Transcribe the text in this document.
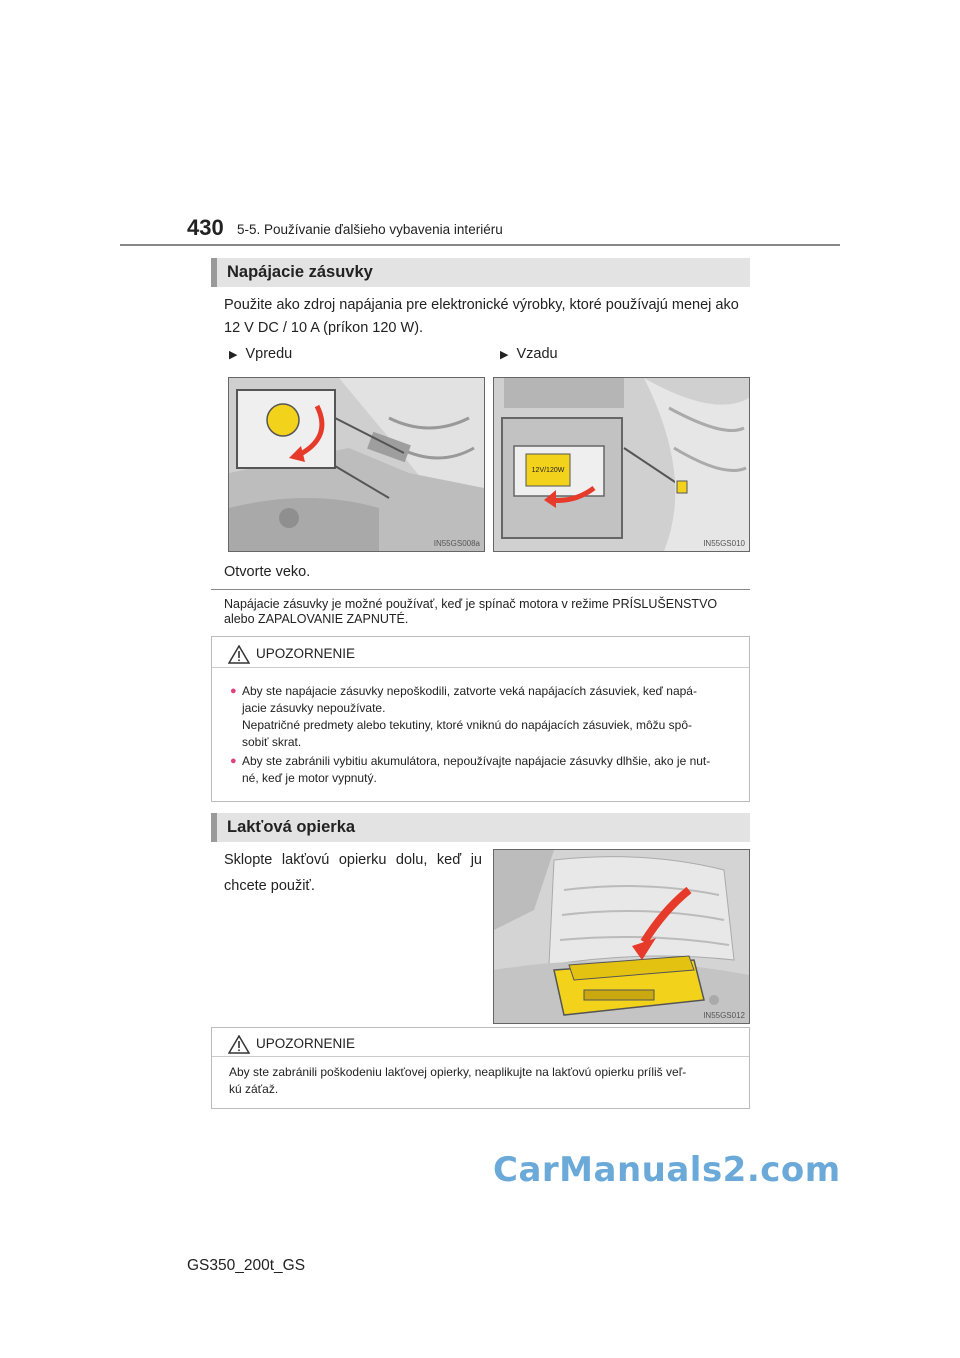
430 5-5. Používanie ďalšieho vybavenia interiéru
Napájacie zásuvky
Použite ako zdroj napájania pre elektronické výrobky, ktoré používajú menej ako
12 V DC / 10 A (príkon 120 W).
▶ Vpredu	▶ Vzadu
IN55GS008a
12V/120W
IN55GS010
Otvorte veko.
Napájacie zásuvky je možné používať, keď je spínač motora v režime PRÍSLUŠENSTVO
alebo ZAPALOVANIE ZAPNUTÉ.
UPOZORNENIE
● Aby ste napájacie zásuvky nepoškodili, zatvorte veká napájacích zásuviek, keď napá-
jacie zásuvky nepoužívate.
Nepatričné predmety alebo tekutiny, ktoré vniknú do napájacích zásuviek, môžu spô-
sobiť skrat.
● Aby ste zabránili vybitiu akumulátora, nepoužívajte napájacie zásuvky dlhšie, ako je nut-
né, keď je motor vypnutý.
Lakťová opierka
Sklopte lakťovú opierku dolu, keď ju
chcete použiť.
IN55GS012
UPOZORNENIE
Aby ste zabránili poškodeniu lakťovej opierky, neaplikujte na lakťovú opierku príliš veľ-
kú záťaž.
CarManuals2.com
GS350_200t_GS
